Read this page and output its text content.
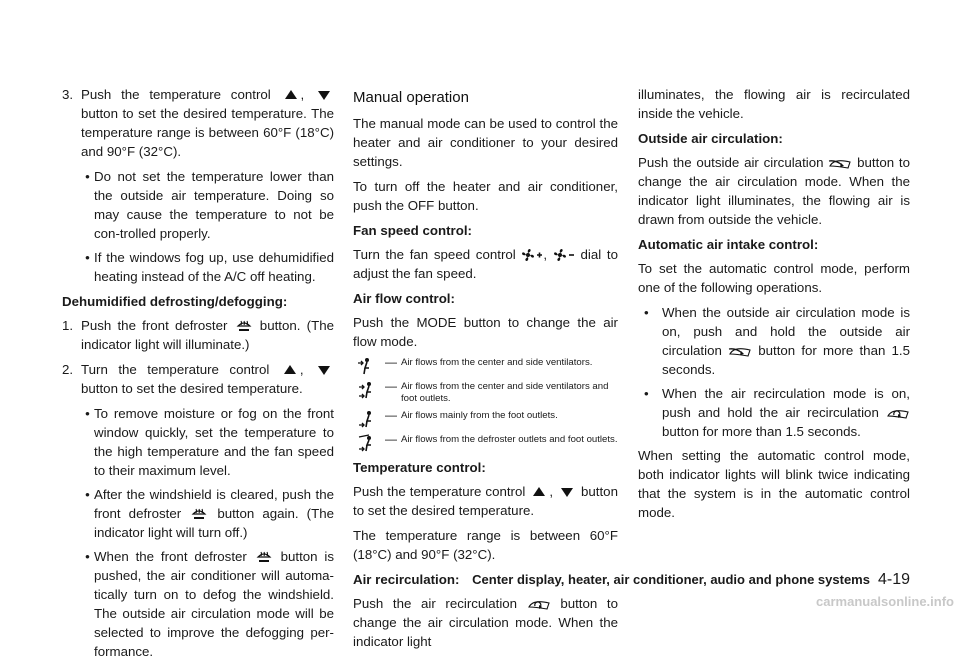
3. Push the temperature control ,
button to set the desired temperature. The temperature range is between 60°F (18°C) and 90°F (32°C).
• Do not set the temperature lower than the outside air temperature. Doing so may cause the temperature to not be con-trolled properly.
• If the windows fog up, use dehumidified heating instead of the A/C off heating.
Dehumidified defrosting/defogging:
1. Push the front defroster button. (The indicator light will illuminate.)
2. Turn the temperature control ,
button to set the desired temperature.
• To remove moisture or fog on the front window quickly, set the temperature to the high temperature and the fan speed to their maximum level.
• After the windshield is cleared, push the front defroster	button again. (The indicator light will turn off.)
• When the front defroster	button is pushed, the air conditioner will automa-tically turn on to defog the windshield. The outside air circulation mode will be selected to improve the defogging per-formance.
Manual operation

The manual mode can be used to control the heater and air conditioner to your desired settings.

To turn off the heater and air conditioner, push the OFF button.

Fan speed control:

Turn the fan speed control ,	dial to adjust the fan speed.

Air flow control:

Push the MODE button to change the air flow mode.

— Air flows from the center and side ventilators.
— Air flows from the center and side ventilators and foot outlets.
— Air flows mainly from the foot outlets.
— Air flows from the defroster outlets and foot outlets.
Temperature control:

Push the temperature control , button to set the desired temperature.

The temperature range is between 60°F (18°C) and 90°F (32°C).

Air recirculation:

Push the air recirculation	button to change the air circulation mode. When the indicator light

illuminates, the flowing air is recirculated inside the vehicle.

Outside air circulation:

Push the outside air circulation	button to change the air circulation mode. When the indicator light illuminates, the flowing air is drawn from outside the vehicle.

Automatic air intake control:

To set the automatic control mode, perform one of the following operations.

•	When the outside air circulation mode is on, push and hold the outside air circulation	button for more than 1.5 seconds.
•	When the air recirculation mode is on, push and hold the air recirculation
button for more than 1.5 seconds.

When setting the automatic control mode, both indicator lights will blink twice indicating that the system is in the automatic control mode.

Center display, heater, air conditioner, audio and phone systems 4-19
carmanualsonline.info
